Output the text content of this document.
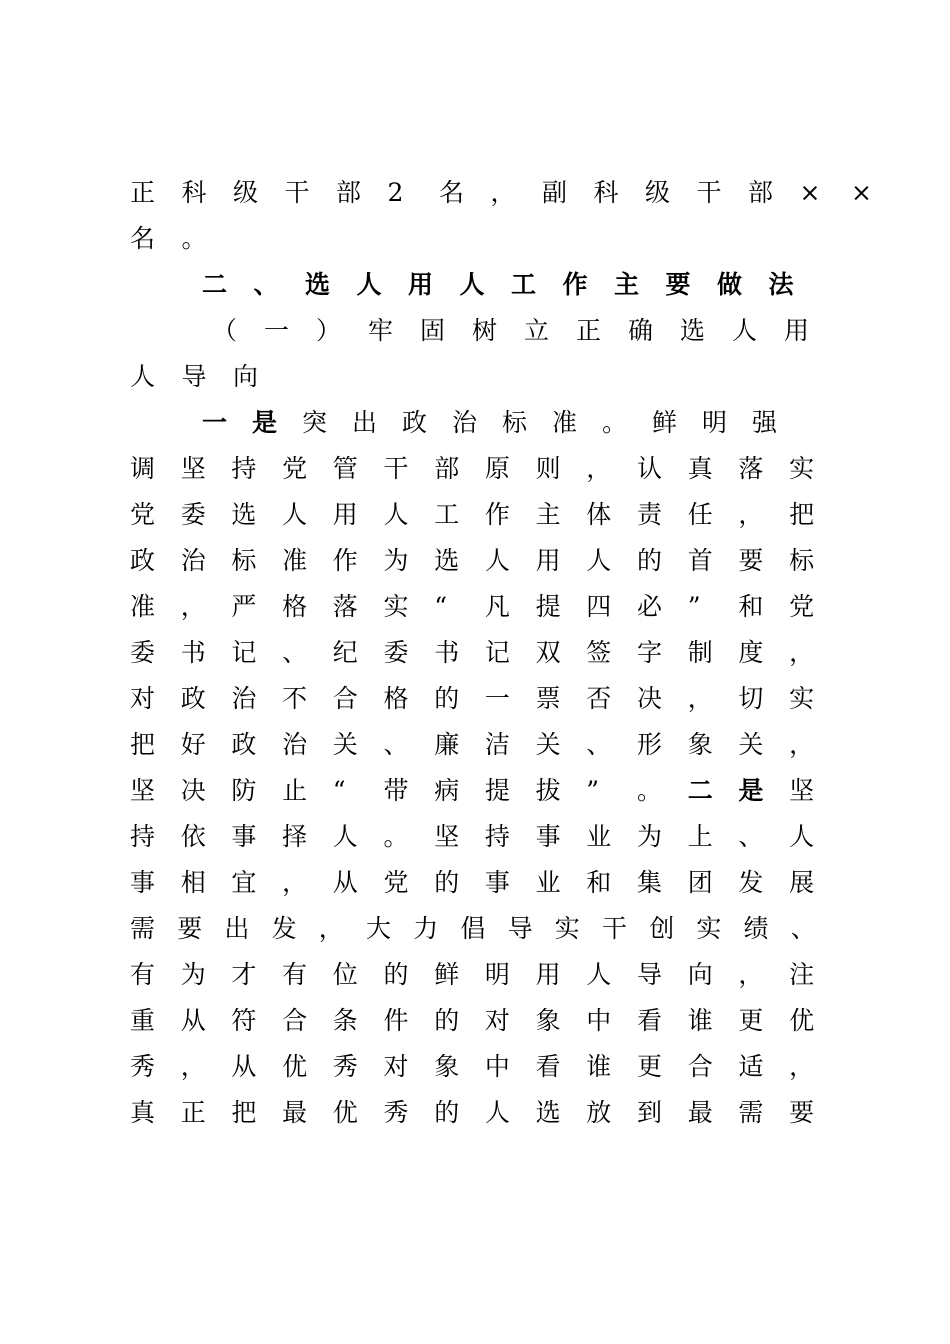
正 科 级 干 部 2	名 ， 副 科 级 干 部 ×	×
名 。
二 、 选 人 用 人 工 作 主 要 做 法
（ 一 ） 牢 固 树 立 正 确 选 人 用
人 导 向
一 是 突 出 政 治 标 准 。 鲜 明 强
调 坚 持 党 管 干 部 原 则 ， 认 真 落 实
党 委 选 人 用 人 工 作 主 体 责 任 ， 把
政 治 标 准 作 为 选 人 用 人 的 首 要 标
准 ， 严 格 落 实 “	凡 提 四 必 ”	和 党
委 书 记 、 纪 委 书 记 双 签 字 制 度 ，
对 政 治 不 合 格 的 一 票 否 决 ， 切 实
把 好 政 治 关 、 廉 洁 关 、 形 象 关 ，
坚 决 防 止 “	带 病 提 拔 ”	。 二 是 坚
持 依 事 择 人 。 坚 持 事 业 为 上 、 人
事 相 宜 ， 从 党 的 事 业 和 集 团 发 展
需 要 出 发 ， 大 力 倡 导 实 干 创 实 绩 、
有 为 才 有 位 的 鲜 明 用 人 导 向 ， 注
重 从 符 合 条 件 的 对 象 中 看 谁 更 优
秀 ， 从 优 秀 对 象 中 看 谁 更 合 适 ，
真 正 把 最 优 秀 的 人 选 放 到 最 需 要
